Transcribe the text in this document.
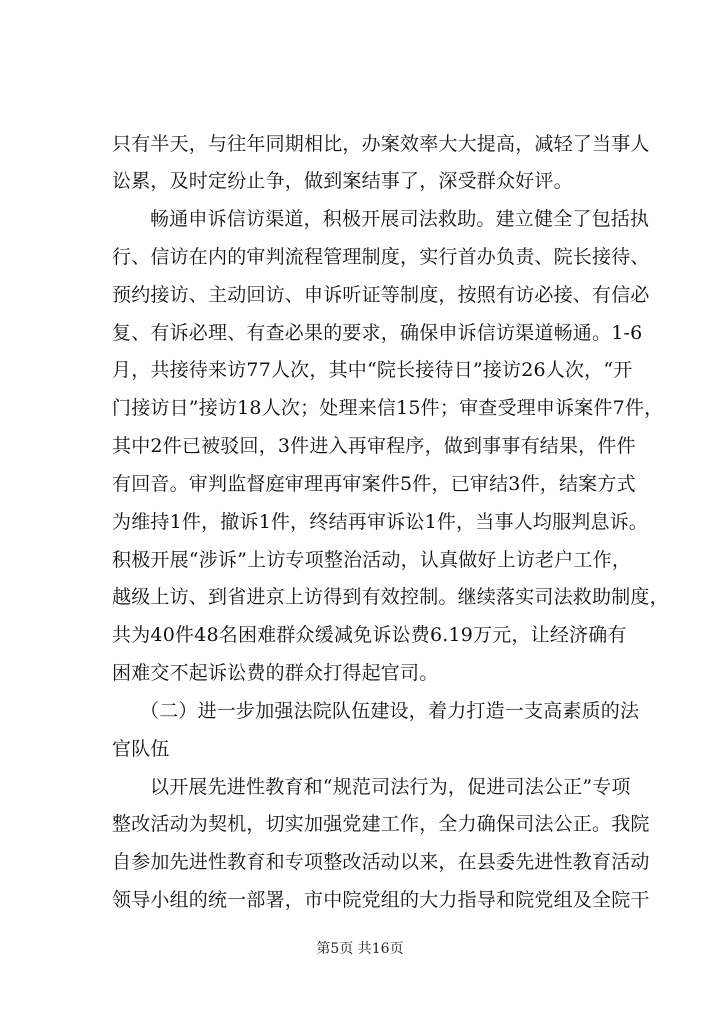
只有半天，与往年同期相比，办案效率大大提高，减轻了当事人
讼累，及时定纷止争，做到案结事了，深受群众好评。
畅通申诉信访渠道，积极开展司法救助。建立健全了包括执
行、信访在内的审判流程管理制度，实行首办负责、院长接待、
预约接访、主动回访、申诉听证等制度，按照有访必接、有信必
复、有诉必理、有查必果的要求，确保申诉信访渠道畅通。1-6
月，共接待来访77人次，其中“院长接待日”接访26人次，“开
门接访日”接访18人次；处理来信15件；审查受理申诉案件7件，
其中2件已被驳回，3件进入再审程序，做到事事有结果，件件
有回音。审判监督庭审理再审案件5件，已审结3件，结案方式
为维持1件，撤诉1件，终结再审诉讼1件，当事人均服判息诉。
积极开展“涉诉”上访专项整治活动，认真做好上访老户工作，
越级上访、到省进京上访得到有效控制。继续落实司法救助制度，
共为40件48名困难群众缓减免诉讼费6.19万元，让经济确有
困难交不起诉讼费的群众打得起官司。
（二）进一步加强法院队伍建设，着力打造一支高素质的法
官队伍
以开展先进性教育和“规范司法行为，促进司法公正”专项
整改活动为契机，切实加强党建工作，全力确保司法公正。我院
自参加先进性教育和专项整改活动以来，在县委先进性教育活动
领导小组的统一部署，市中院党组的大力指导和院党组及全院干
第5页 共16页
